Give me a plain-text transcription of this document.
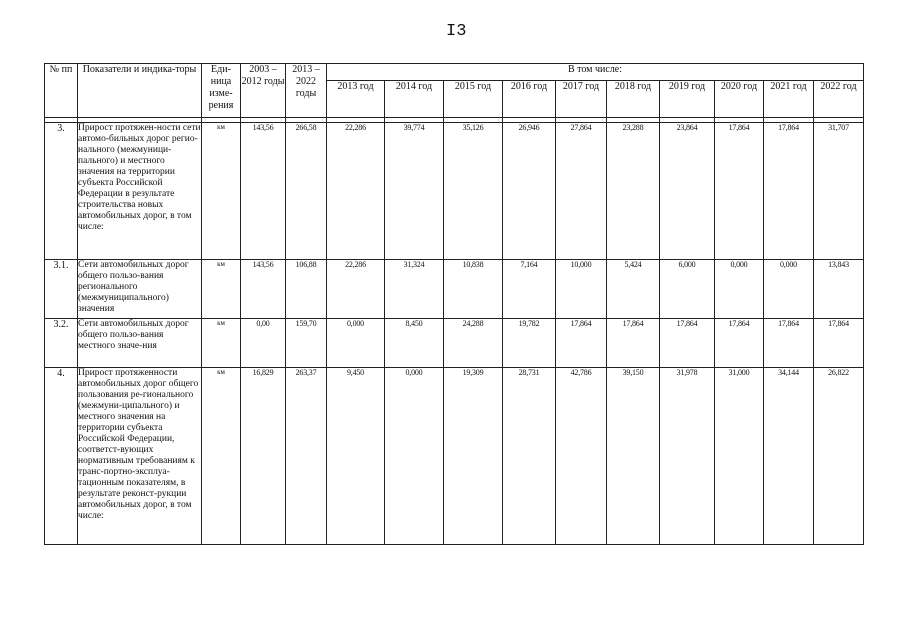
I3
№ пп	Показатели и индика-торы	Еди-ница изме-рения	2003 – 2012 годы	2013 – 2022 годы	В том числе:									
					2013 год	2014 год	2015 год	2016 год	2017 год	2018 год	2019 год	2020 год	2021 год	2022 год

3.	Прирост протяжен-ности сети автомо-бильных дорог регио-нального (межмуници-пального) и местного значения на территории субъекта Российской Федерации в результате строительства новых автомобильных дорог, в том числе:	км	143,56	266,58	22,286	39,774	35,126	26,946	27,864	23,288	23,864	17,864	17,864	31,707
3.1.	Сети автомобильных дорог общего пользо-вания регионального (межмуниципального) значения	км	143,56	106,88	22,286	31,324	10,838	7,164	10,000	5,424	6,000	0,000	0,000	13,843
3.2.	Сети автомобильных дорог общего пользо-вания местного значе-ния	км	0,00	159,70	0,000	8,450	24,288	19,782	17,864	17,864	17,864	17,864	17,864	17,864
4.	Прирост протяженности автомобильных дорог общего пользования ре-гионального (межмуни-ципального) и местного значения на территории субъекта Российской Федерации, соответст-вующих нормативным требованиям к транс-портно-эксплуа-тационным показателям, в результате реконст-рукции автомобильных дорог, в том числе:	км	16,829	263,37	9,450	0,000	19,309	28,731	42,786	39,150	31,978	31,000	34,144	26,822
